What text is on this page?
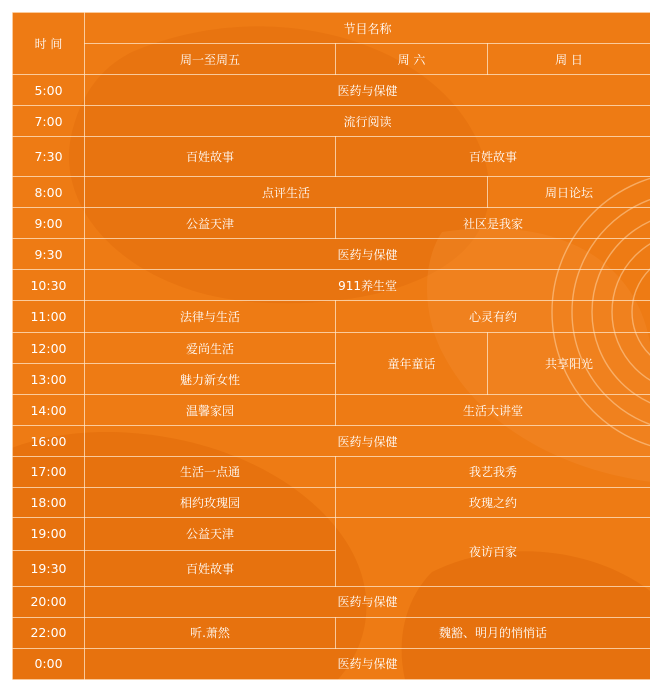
时 间	节目名称		
	周一至周五	周 六	周 日
5:00	医药与保健		
7:00	流行阅读		
7:30	百姓故事	百姓故事	
8:00	点评生活		周日论坛
9:00	公益天津	社区是我家	
9:30	医药与保健		
10:30	911养生堂		
11:00	法律与生活	心灵有约	
12:00	爱尚生活	童年童话	共享阳光
13:00	魅力新女性		
14:00	温馨家园	生活大讲堂	
16:00	医药与保健		
17:00	生活一点通	我艺我秀	
18:00	相约玫瑰园	玫瑰之约	
19:00	公益天津	夜访百家	
19:30	百姓故事		
20:00	医药与保健		
22:00	听.萧然	魏豁、明月的悄悄话	
0:00	医药与保健		
